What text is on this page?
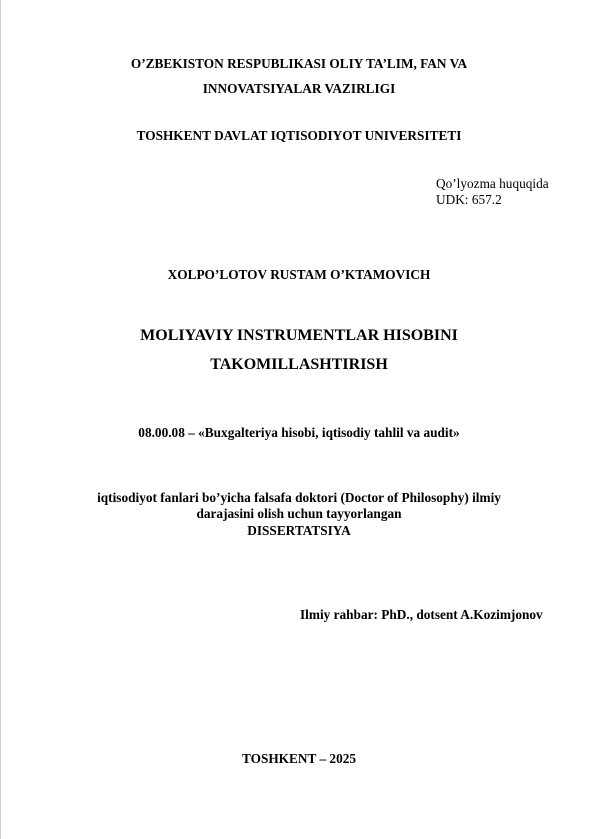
O’ZBEKISTON RESPUBLIKASI OLIY TA’LIM, FAN VA
INNOVATSIYALAR VAZIRLIGI
TOSHKENT DAVLAT IQTISODIYOT UNIVERSITETI
Qo’lyozma huquqida
UDK: 657.2
XOLPO’LOTOV RUSTAM O’KTAMOVICH
MOLIYAVIY INSTRUMENTLAR HISOBINI
TAKOMILLASHTIRISH
08.00.08 – «Buxgalteriya hisobi, iqtisodiy tahlil va audit»
iqtisodiyot fanlari bo’yicha falsafa doktori (Doctor of Philosophy) ilmiy
darajasini olish uchun tayyorlangan
DISSERTATSIYA
Ilmiy rahbar: PhD., dotsent A.Kozimjonov
TOSHKENT – 2025
